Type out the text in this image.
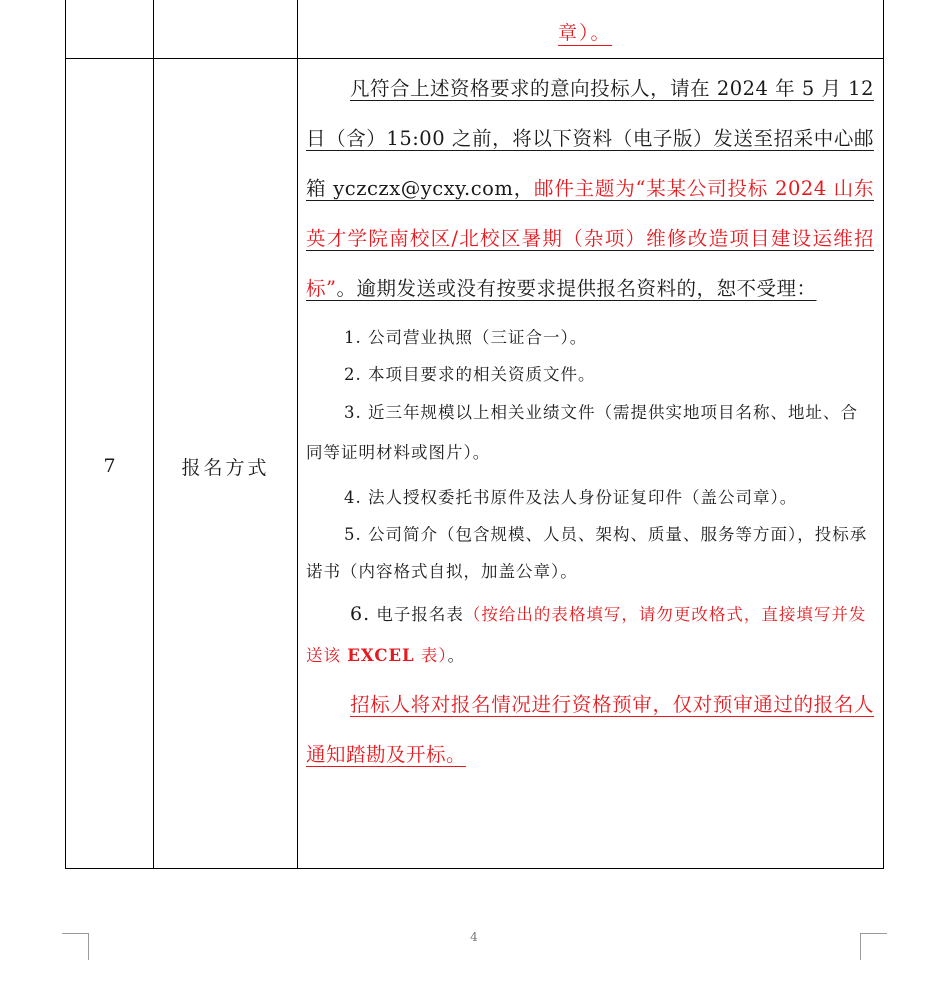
章）。
7	报名方式

凡符合上述资格要求的意向投标人，请在 2024 年 5 月 12 日（含）15:00 之前，将以下资料（电子版）发送至招采中心邮箱 yczczx@ycxy.com，邮件主题为“某某公司投标 2024 山东英才学院南校区/北校区暑期（杂项）维修改造项目建设运维招标”。逾期发送或没有按要求提供报名资料的，恕不受理：

1. 公司营业执照（三证合一）。

2. 本项目要求的相关资质文件。

3. 近三年规模以上相关业绩文件（需提供实地项目名称、地址、合同等证明材料或图片）。

4. 法人授权委托书原件及法人身份证复印件（盖公司章）。

5. 公司简介（包含规模、人员、架构、质量、服务等方面），投标承诺书（内容格式自拟，加盖公章）。

6. 电子报名表（按给出的表格填写，请勿更改格式，直接填写并发送该 EXCEL 表）。

招标人将对报名情况进行资格预审，仅对预审通过的报名人通知踏勘及开标。

4
